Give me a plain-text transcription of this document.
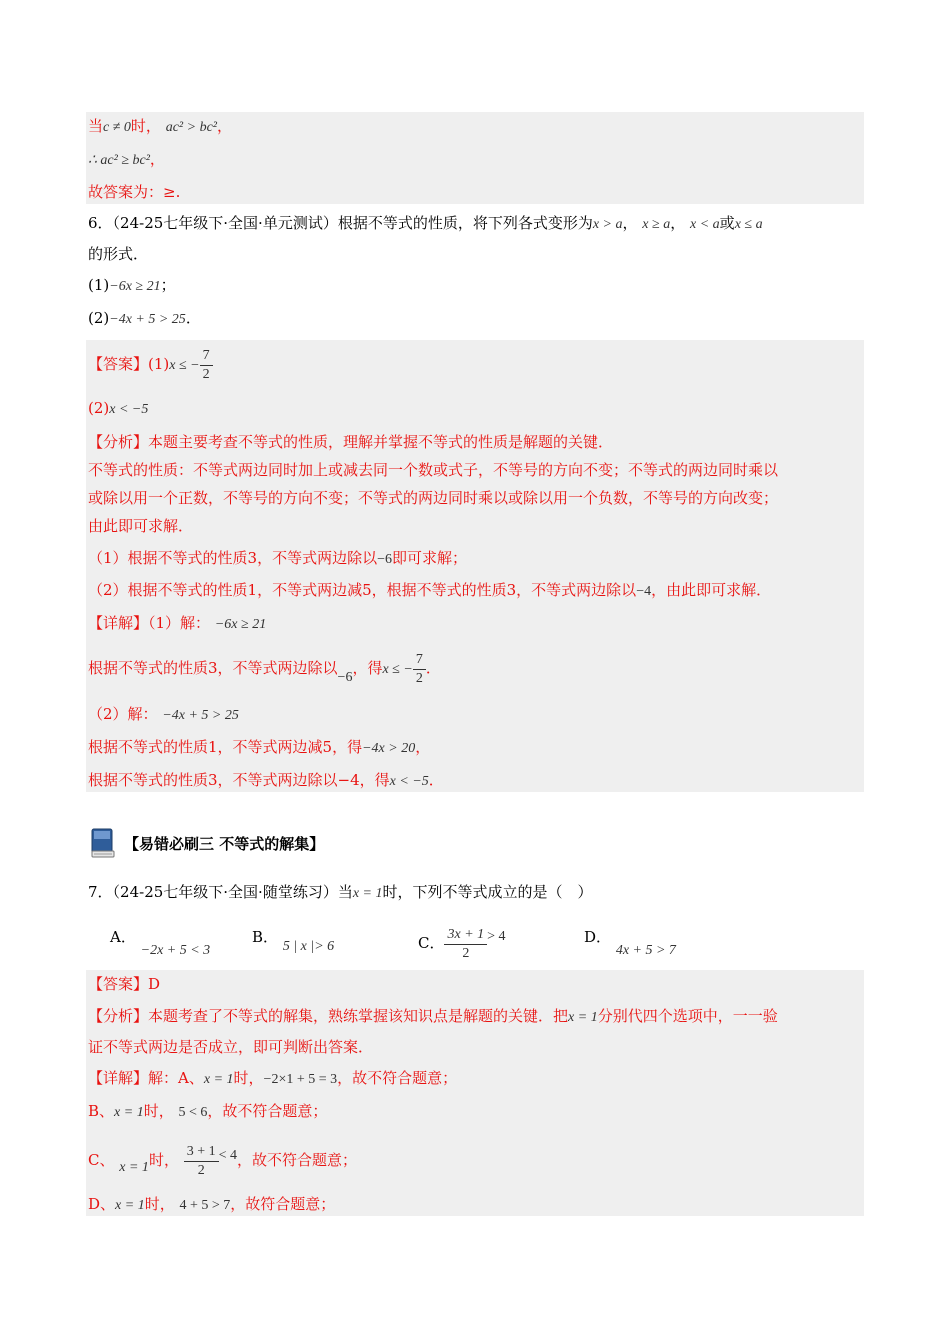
当c ≠ 0时， ac² > bc²，
∴ ac² ≥ bc²，
故答案为：≥.
6．（24-25七年级下·全国·单元测试）根据不等式的性质，将下列各式变形为x > a， x ≥ a， x < a或x ≤ a
的形式．
(1)−6x ≥ 21；
(2)−4x + 5 > 25．
【答案】(1)x ≤ − $\frac{7}{2}$
(2)x < −5
【分析】本题主要考查不等式的性质，理解并掌握不等式的性质是解题的关键．
不等式的性质：不等式两边同时加上或减去同一个数或式子，不等号的方向不变；不等式的两边同时乘以
或除以用一个正数，不等号的方向不变；不等式的两边同时乘以或除以用一个负数，不等号的方向改变；
由此即可求解．
（1）根据不等式的性质3，不等式两边除以−6即可求解；
（2）根据不等式的性质1，不等式两边减5，根据不等式的性质3，不等式两边除以−4，由此即可求解．
【详解】（1）解： −6x ≥ 21
根据不等式的性质3，不等式两边除以−6，得x ≤ − $\frac{7}{2}$ ．
（2）解： −4x + 5 > 25
根据不等式的性质1，不等式两边减5，得−4x > 20，
根据不等式的性质3，不等式两边除以−4，得x < −5．
【易错必刷三 不等式的解集】
7．（24-25七年级下·全国·随堂练习）当x = 1时，下列不等式成立的是（　）
A． −2x + 5 < 3
B． 5 | x |> 6	C． $\frac{3x + 1}{2} > 4$	D． 4x + 5 > 7
【答案】D
【分析】本题考查了不等式的解集，熟练掌握该知识点是解题的关键．把x = 1分别代四个选项中，一一验
证不等式两边是否成立，即可判断出答案．
【详解】解：A、x = 1时，−2×1 + 5 = 3，故不符合题意；
B、x = 1时， 5 < 6，故不符合题意；
C、 x = 1时， $\frac{3 + 1}{2} < 4$，故不符合题意；
D、x = 1时， 4 + 5 > 7，故符合题意；
